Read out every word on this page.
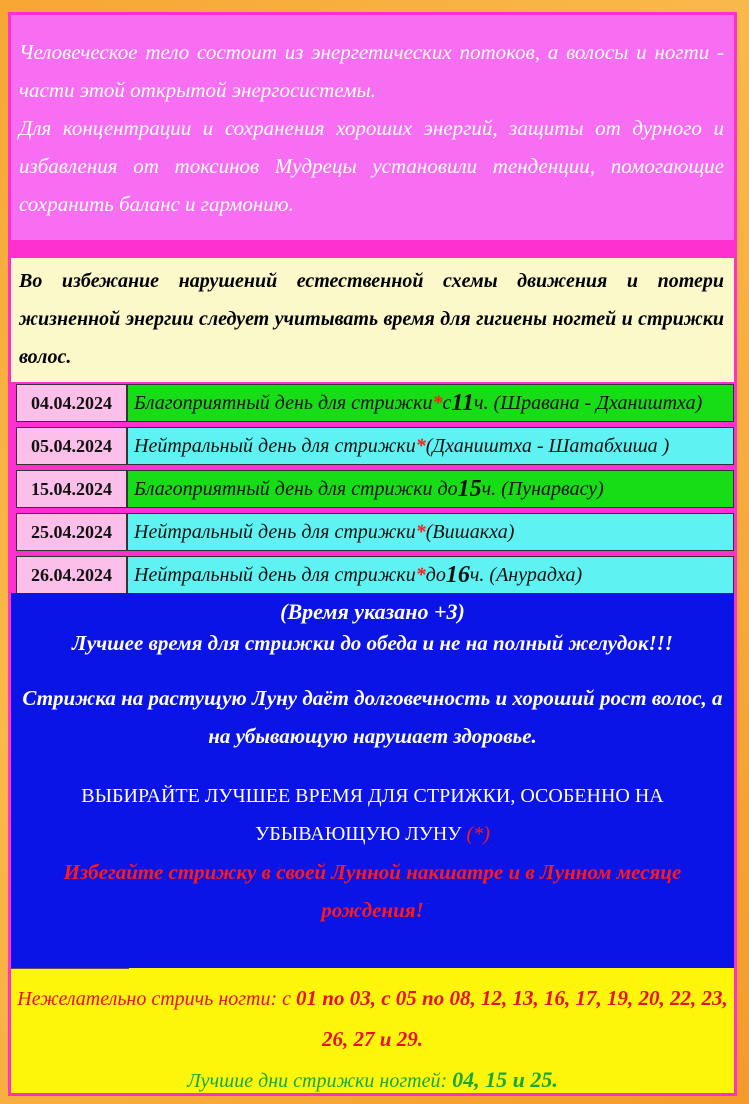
Человеческое тело состоит из энергетических потоков, а волосы и ногти - части этой открытой энергосистемы.
Для концентрации и сохранения хороших энергий, защиты от дурного и избавления от токсинов Мудрецы установили тенденции, помогающие сохранить баланс и гармонию.
Во избежание нарушений естественной схемы движения и потери жизненной энергии следует учитывать время для гигиены ногтей и стрижки волос.
04.04.2024	Благоприятный день для стрижки * с 11 ч. ( Шравана - Дхаништха)
05.04.2024	Нейтральный день для стрижки * ( Дхаништха - Шатабхиша )
15.04.2024	Благоприятный день для стрижки до 15 ч. ( Пунарвасу)
25.04.2024	Нейтральный день для стрижки * ( Вишакха)
26.04.2024	Нейтральный день для стрижки * до 16 ч. ( Анурадха)

(Время указано +3)

Лучшее время для стрижки до обеда и не на полный желудок!!!

Стрижка на растущую Луну даёт долговечность и хороший рост волос, а на убывающую нарушает здоровье.

ВЫБИРАЙТЕ ЛУЧШЕЕ ВРЕМЯ ДЛЯ СТРИЖКИ, ОСОБЕННО НА УБЫВАЮЩУЮ ЛУНУ (*)

Избегайте стрижку в своей Лунной накшатре и в Лунном месяце рождения!

Нежелательно стричь ногти: с 01 по 03, с 05 по 08, 12, 13, 16, 17, 19, 20, 22, 23, 26, 27 и 29.
Лучшие дни стрижки ногтей: 04, 15 и 25.
